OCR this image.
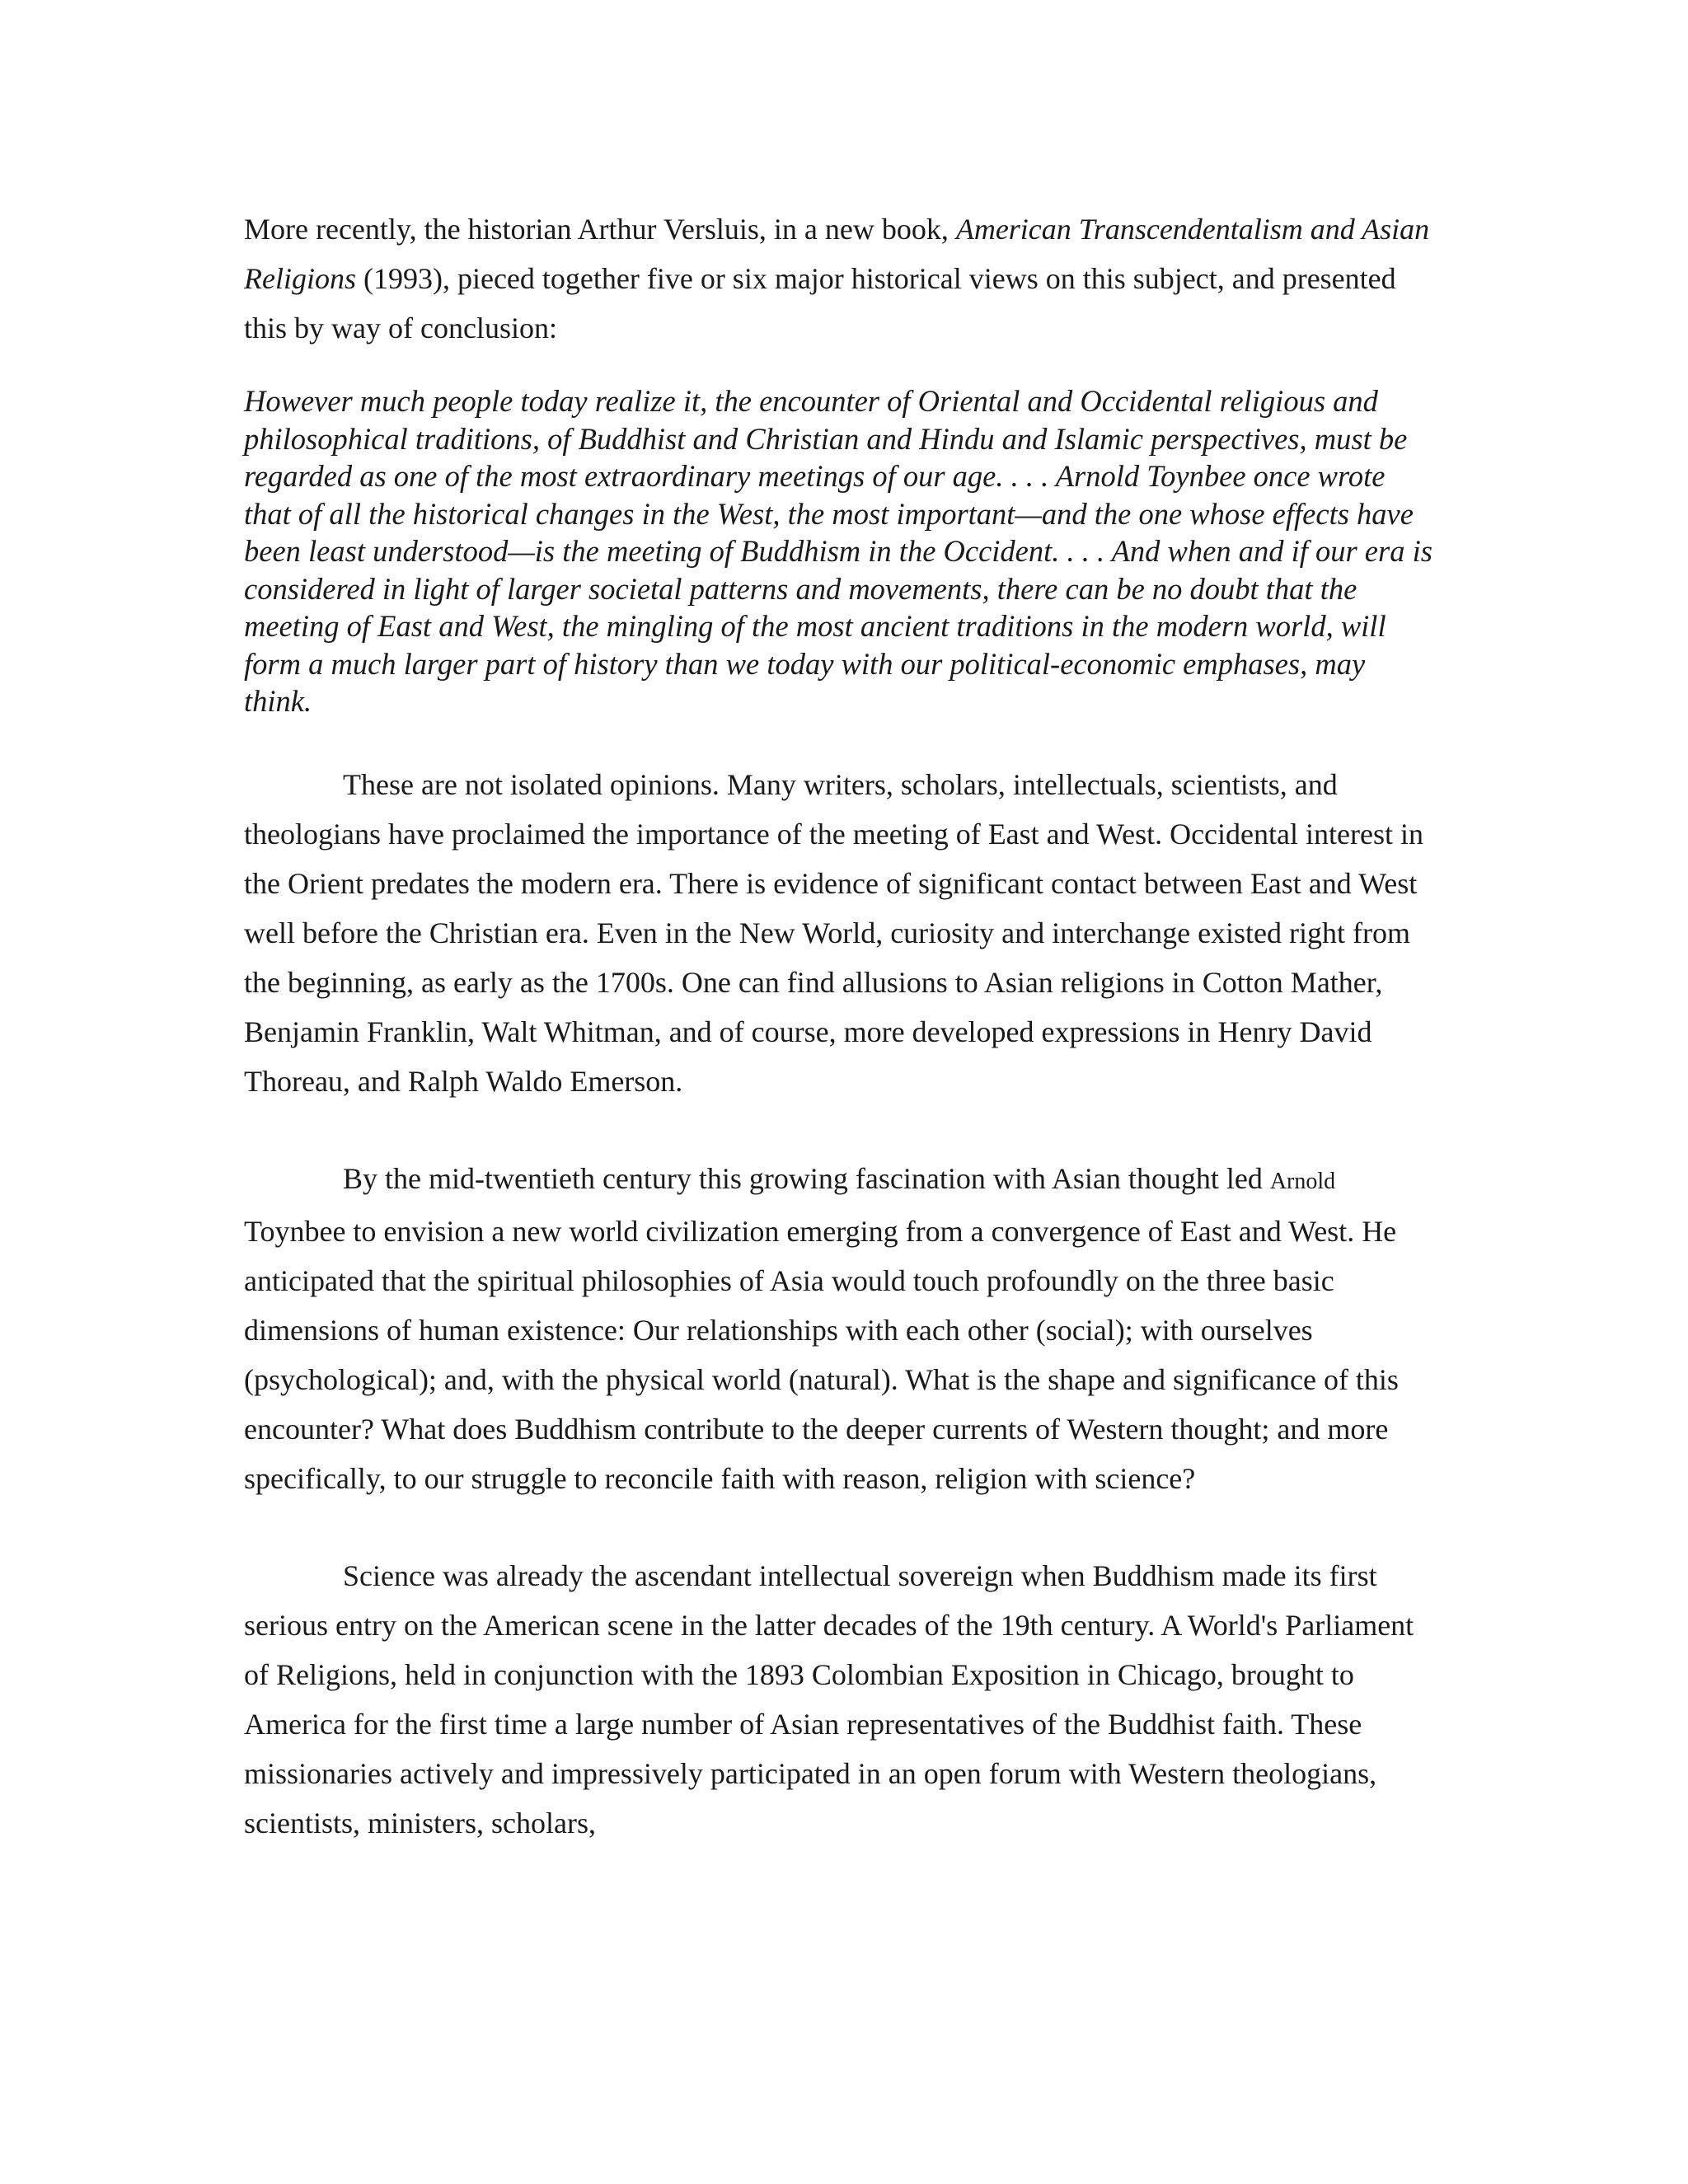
More recently, the historian Arthur Versluis, in a new book, American Transcendentalism and Asian Religions (1993), pieced together five or six major historical views on this subject, and presented this by way of conclusion:

However much people today realize it, the encounter of Oriental and Occidental religious and philosophical traditions, of Buddhist and Christian and Hindu and Islamic perspectives, must be regarded as one of the most extraordinary meetings of our age. . . . Arnold Toynbee once wrote that of all the historical changes in the West, the most important—and the one whose effects have been least understood—is the meeting of Buddhism in the Occident. . . . And when and if our era is considered in light of larger societal patterns and movements, there can be no doubt that the meeting of East and West, the mingling of the most ancient traditions in the modern world, will form a much larger part of history than we today with our political-economic emphases, may think.

These are not isolated opinions. Many writers, scholars, intellectuals, scientists, and theologians have proclaimed the importance of the meeting of East and West. Occidental interest in the Orient predates the modern era. There is evidence of significant contact between East and West well before the Christian era. Even in the New World, curiosity and interchange existed right from the beginning, as early as the 1700s. One can find allusions to Asian religions in Cotton Mather, Benjamin Franklin, Walt Whitman, and of course, more developed expressions in Henry David Thoreau, and Ralph Waldo Emerson.

By the mid-twentieth century this growing fascination with Asian thought led Arnold Toynbee to envision a new world civilization emerging from a convergence of East and West. He anticipated that the spiritual philosophies of Asia would touch profoundly on the three basic dimensions of human existence: Our relationships with each other (social); with ourselves (psychological); and, with the physical world (natural). What is the shape and significance of this encounter? What does Buddhism contribute to the deeper currents of Western thought; and more specifically, to our struggle to reconcile faith with reason, religion with science?

Science was already the ascendant intellectual sovereign when Buddhism made its first serious entry on the American scene in the latter decades of the 19th century. A World's Parliament of Religions, held in conjunction with the 1893 Colombian Exposition in Chicago, brought to America for the first time a large number of Asian representatives of the Buddhist faith. These missionaries actively and impressively participated in an open forum with Western theologians, scientists, ministers, scholars,
